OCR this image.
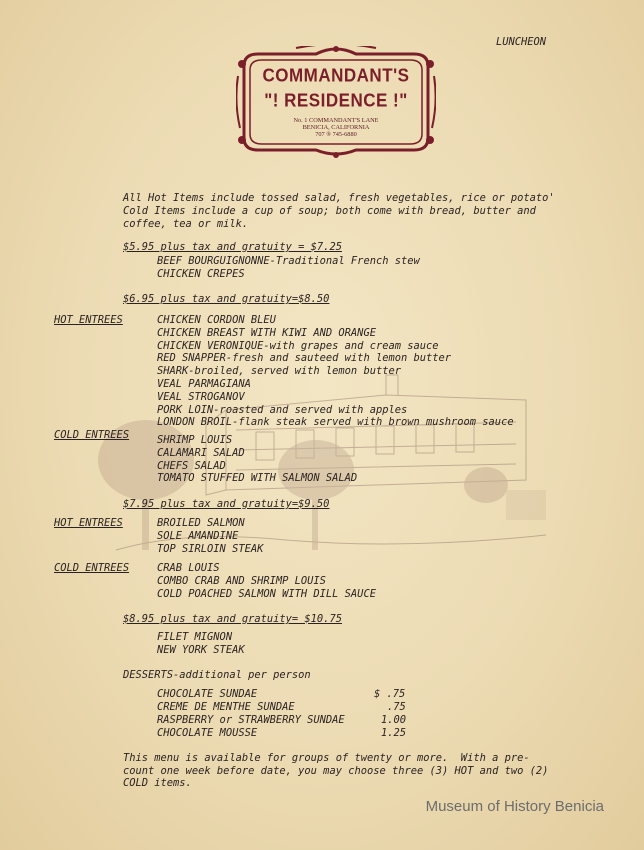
LUNCHEON
COMMANDANT'S
"! RESIDENCE !"
No. 1 COMMANDANT'S LANE
BENICIA, CALIFORNIA
707 ® 745-6880
All Hot Items include tossed salad, fresh vegetables, rice or potato'
Cold Items include a cup of soup; both come with bread, butter and
coffee, tea or milk.
$5.95 plus tax and gratuity = $7.25
BEEF BOURGUIGNONNE-Traditional French stew
CHICKEN CREPES
$6.95 plus tax and gratuity=$8.50
HOT ENTREES	CHICKEN CORDON BLEU
CHICKEN BREAST WITH KIWI AND ORANGE
CHICKEN VERONIQUE-with grapes and cream sauce
RED SNAPPER-fresh and sauteed with lemon butter
SHARK-broiled, served with lemon butter
VEAL PARMAGIANA
VEAL STROGANOV
PORK LOIN-roasted and served with apples
LONDON BROIL-flank steak served with brown mushroom sauce
COLD ENTREES	SHRIMP LOUIS
CALAMARI SALAD
CHEFS SALAD
TOMATO STUFFED WITH SALMON SALAD
$7.95 plus tax and gratuity=$9.50
HOT ENTREES	BROILED SALMON
SOLE AMANDINE
TOP SIRLOIN STEAK
COLD ENTREES	CRAB LOUIS
COMBO CRAB AND SHRIMP LOUIS
COLD POACHED SALMON WITH DILL SAUCE
$8.95 plus tax and gratuity= $10.75
FILET MIGNON
NEW YORK STEAK
DESSERTS-additional per person
CHOCOLATE SUNDAE	$ .75
CREME DE MENTHE SUNDAE	.75
RASPBERRY or STRAWBERRY SUNDAE	1.00
CHOCOLATE MOUSSE	1.25
This menu is available for groups of twenty or more.  With a pre-
count one week before date, you may choose three (3) HOT and two (2)
COLD items.
Museum of History Benicia
